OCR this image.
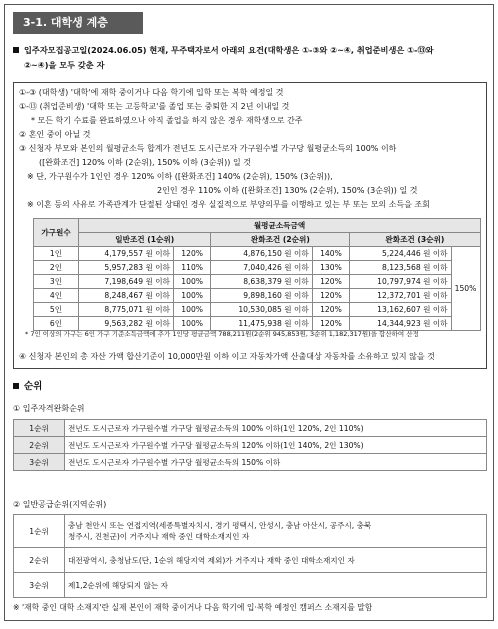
3-1. 대학생 계층
입주자모집공고일(2024.06.05) 현재, 무주택자로서 아래의 요건(대학생은 ①-③와 ②~④, 취업준비생은 ①-⑬와
②~④)을 모두 갖춘 자
①-③ (대학생) '대학'에 재학 중이거나 다음 학기에 입학 또는 복학 예정일 것
①-⑬ (취업준비생) '대학 또는 고등학교'를 졸업 또는 중퇴한 지 2년 이내일 것
* 모든 학기 수료를 완료하였으나 아직 졸업을 하지 않은 경우 재학생으로 간주
② 혼인 중이 아닐 것
③ 신청자 부모와 본인의 월평균소득 합계가 전년도 도시근로자 가구원수별 가구당 월평균소득의 100% 이하
([완화조건] 120% 이하 (2순위), 150% 이하 (3순위)) 일 것
※ 단, 가구원수가 1인인 경우 120% 이하 ([완화조건] 140% (2순위), 150% (3순위)),
2인인 경우 110% 이하 ([완화조건] 130% (2순위), 150% (3순위)) 일 것
※ 이혼 등의 사유로 가족관계가 단절된 상태인 경우 실질적으로 부양의무를 이행하고 있는 부 또는 모의 소득을 조회
가구원수	월평균소득금액						
	일반조건 (1순위)		완화조건 (2순위)		완화조건 (3순위)		
1인	4,179,557 원 이하	120%	4,876,150 원 이하	140%	5,224,446 원 이하	150%	
2인	5,957,283 원 이하	110%	7,040,426 원 이하	130%	8,123,568 원 이하		
3인	7,198,649 원 이하	100%	8,638,379 원 이하	120%	10,797,974 원 이하		
4인	8,248,467 원 이하	100%	9,898,160 원 이하	120%	12,372,701 원 이하		
5인	8,775,071 원 이하	100%	10,530,085 원 이하	120%	13,162,607 원 이하		
6인	9,563,282 원 이하	100%	11,475,938 원 이하	120%	14,344,923 원 이하		
* 7인 이상의 가구는 6인 가구 기준소득금액에 추가 1인당 평균금액 788,211원(2순위 945,853원, 3순위 1,182,317원)을 합산하여 산정
④ 신청자 본인의 총 자산 가액 합산기준이 10,000만원 이하 이고 자동차가액 산출대상 자동차를 소유하고 있지 않을 것
순위
① 입주자격완화순위
1순위	전년도 도시근로자 가구원수별 가구당 월평균소득의 100% 이하(1인 120%, 2인 110%)
2순위	전년도 도시근로자 가구원수별 가구당 월평균소득의 120% 이하(1인 140%, 2인 130%)
3순위	전년도 도시근로자 가구원수별 가구당 월평균소득의 150% 이하
② 일반공급순위(지역순위)
1순위	충남 천안시 또는 연접지역(세종특별자치시, 경기 평택시, 안성시, 충남 아산시, 공주시, 충북
청주시, 진천군)이 거주지나 재학 중인 대학소재지인 자

2순위	대전광역시, 충청남도(단, 1순위 해당지역 제외)가 거주지나 재학 중인 대학소재지인 자
3순위	제1,2순위에 해당되지 않는 자
※ '재학 중인 대학 소재지'란 실제 본인이 재학 중이거나 다음 학기에 입·복학 예정인 캠퍼스 소재지를 말함
